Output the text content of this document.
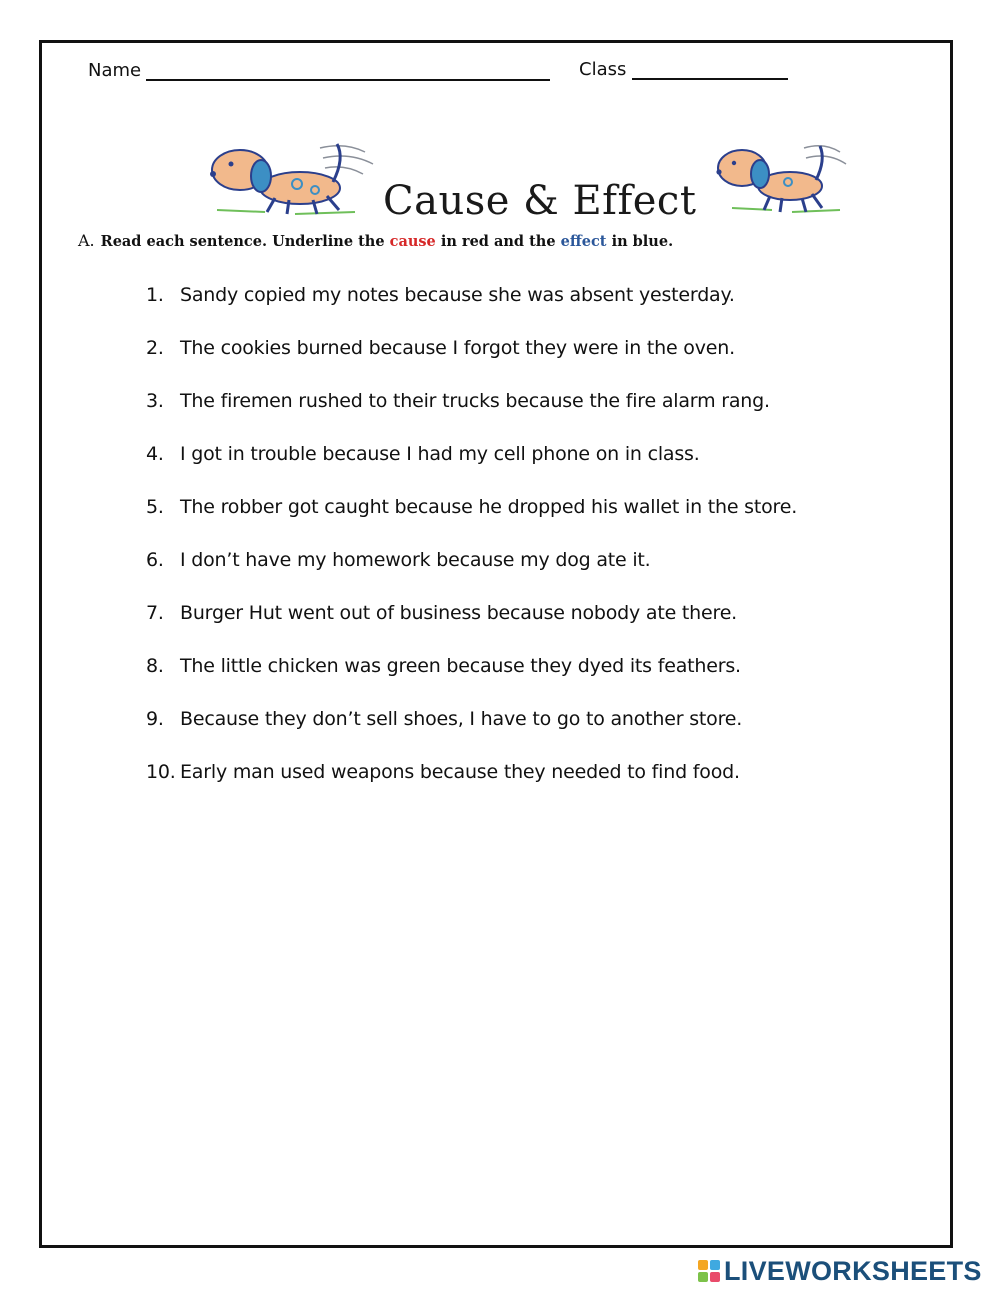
Name	Class
Cause & Effect
A. Read each sentence. Underline the cause in red and the effect in blue.
1. Sandy copied my notes because she was absent yesterday.
2. The cookies burned because I forgot they were in the oven.
3. The firemen rushed to their trucks because the fire alarm rang.
4. I got in trouble because I had my cell phone on in class.
5. The robber got caught because he dropped his wallet in the store.
6. I don’t have my homework because my dog ate it.
7. Burger Hut went out of business because nobody ate there.
8. The little chicken was green because they dyed its feathers.
9. Because they don’t sell shoes, I have to go to another store.
10. Early man used weapons because they needed to find food.
LIVEWORKSHEETS
